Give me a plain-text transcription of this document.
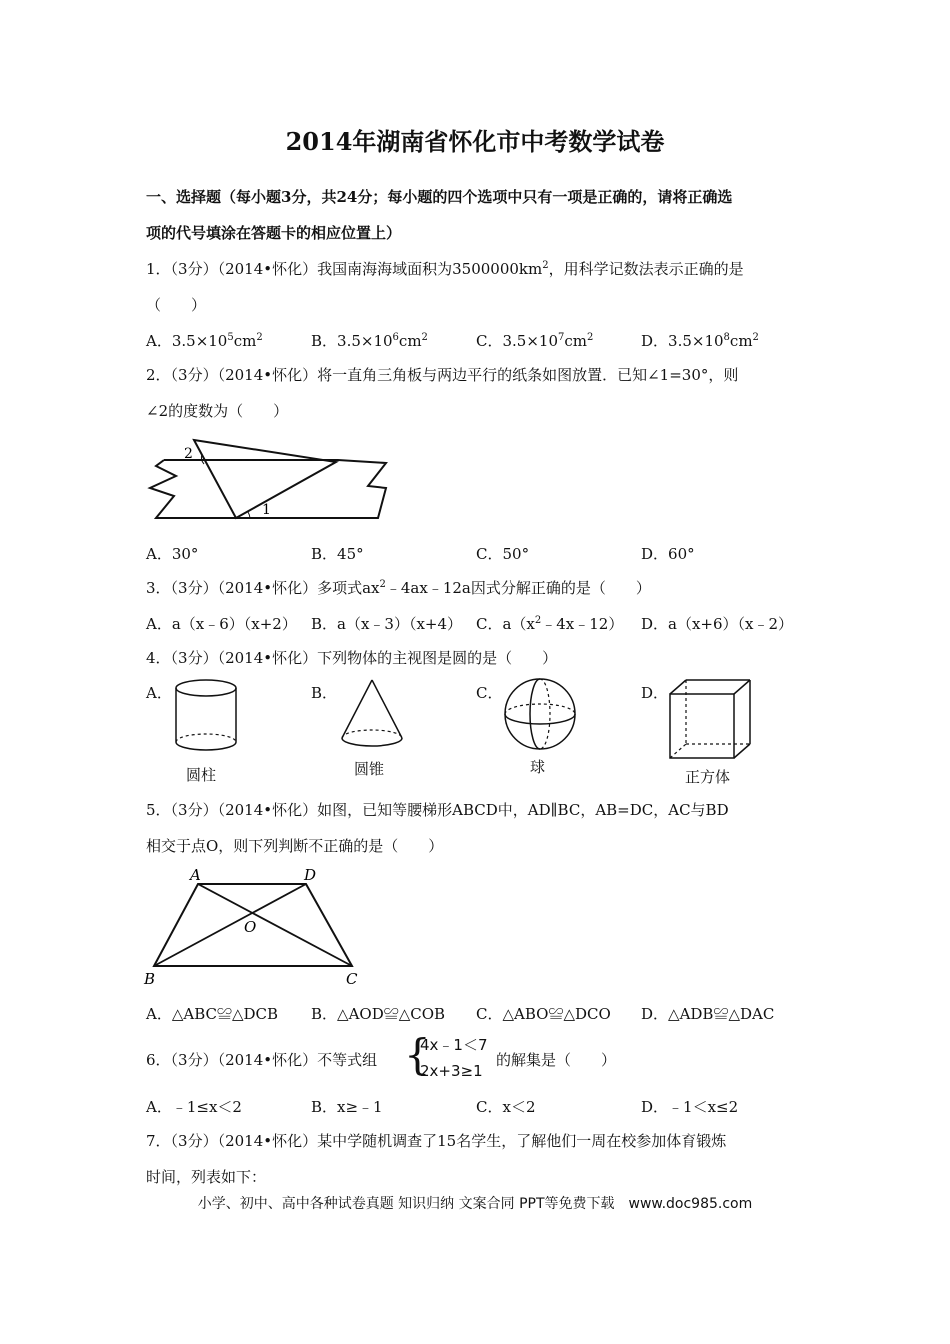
2014年湖南省怀化市中考数学试卷
一、选择题（每小题3分，共24分；每小题的四个选项中只有一项是正确的，请将正确选
项的代号填涂在答题卡的相应位置上）
1．（3分）（2014•怀化）我国南海海域面积为$3500000km^2$，用科学记数法表示正确的是
（　　）
A．$3.5\times 10^5cm^2$	B．$3.5\times 10^6cm^2$	C．$3.5\times 10^7cm^2$	D．$3.5\times 10^8cm^2$
2．（3分）（2014•怀化）将一直角三角板与两边平行的纸条如图放置．已知∠1=30°，则
∠2的度数为（　　）
2
1
A．30°	B．45°	C．50°	D．60°
3．（3分）（2014•怀化）多项式$ax^2﹣4ax﹣12a$因式分解正确的是（　　）
A．a（x﹣6）（x+2） B．a（x﹣3）（x+4） C．$a(x^2﹣4x﹣12)$ D．a（x+6）（x﹣2）
4．（3分）（2014•怀化）下列物体的主视图是圆的是（　　）
A．
圆柱
B．
圆锥
C．
球
D．
正方体
5．（3分）（2014•怀化）如图，已知等腰梯形ABCD中，AD∥BC，AB=DC，AC与BD
相交于点O，则下列判断不正确的是（　　）
A	D
O
B	C
A．△ABC≌△DCB B．△AOD≌△COB C．△ABO≌△DCO D．△ADB≌△DAC
6．（3分）（2014•怀化）不等式组 {
4x﹣1＜7
2x+3≥1
的解集是（　　）
A．﹣1≤x＜2	B．x≥﹣1	C．x＜2	D．﹣1＜x≤2
7．（3分）（2014•怀化）某中学随机调查了15名学生，了解他们一周在校参加体育锻炼
时间，列表如下：
小学、初中、高中各种试卷真题 知识归纳 文案合同 PPT等免费下载　www.doc985.com
